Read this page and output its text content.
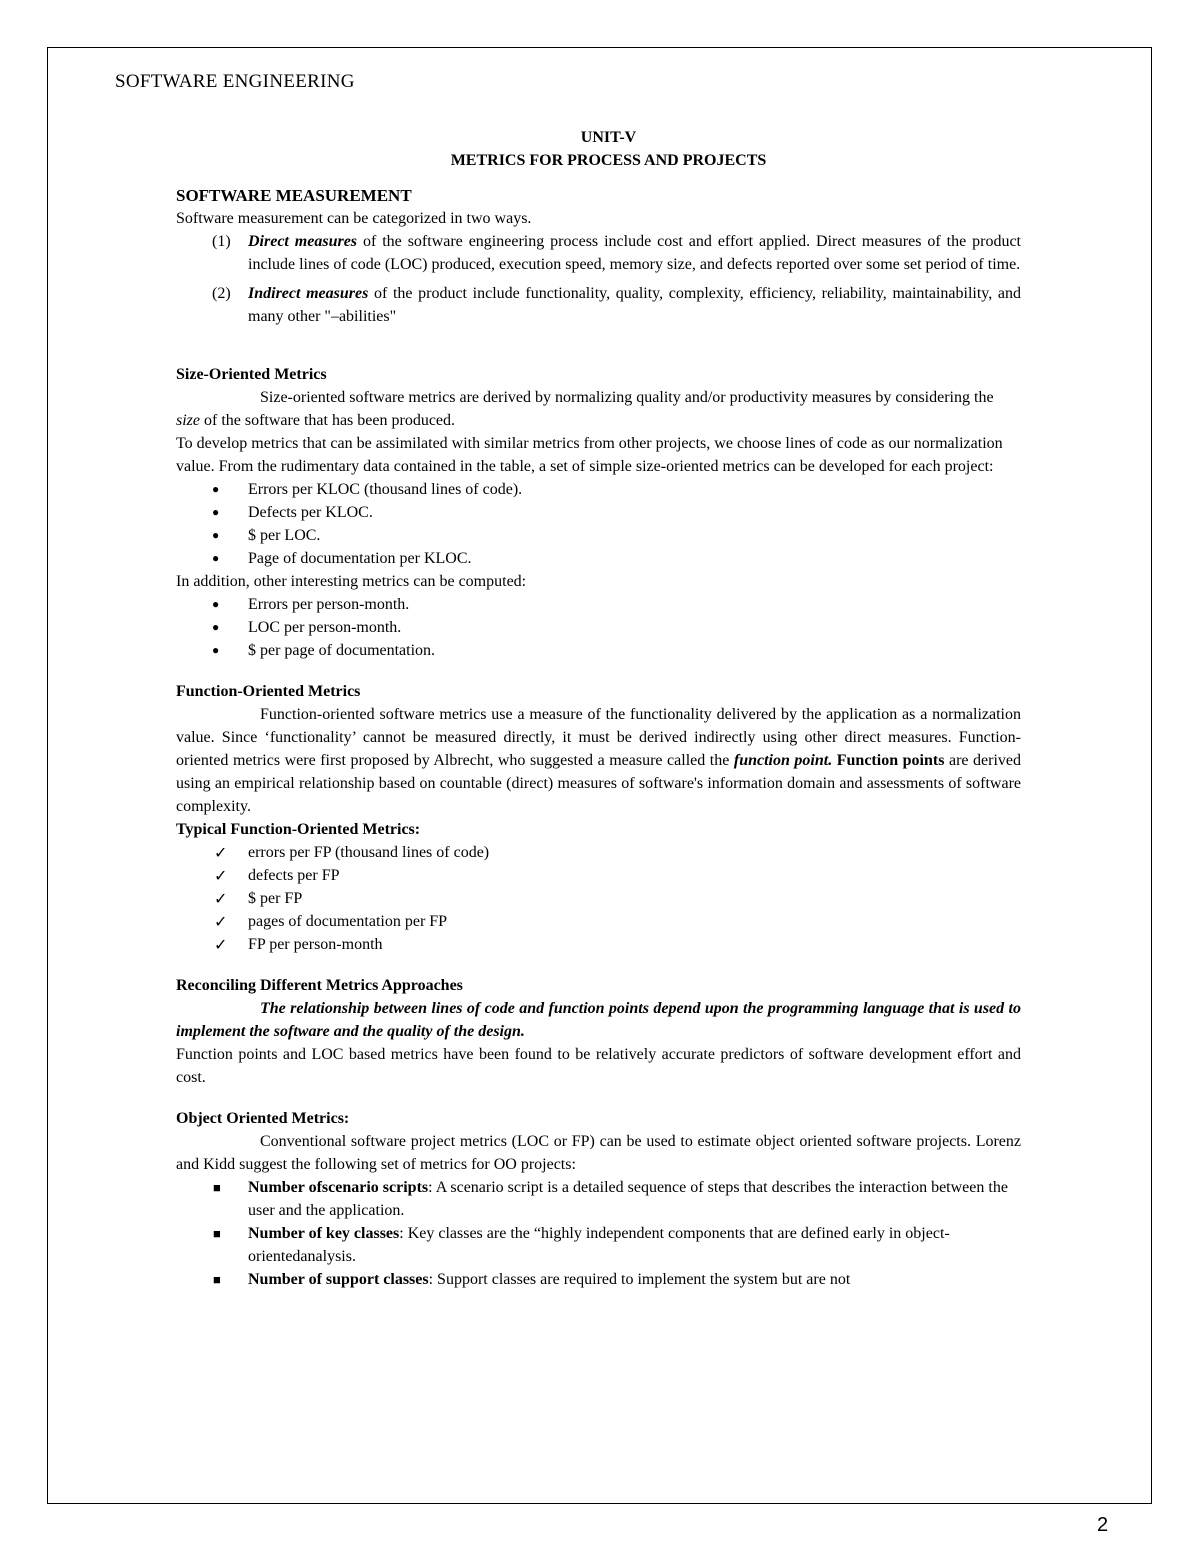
SOFTWARE ENGINEERING
UNIT-V
METRICS FOR PROCESS AND PROJECTS
SOFTWARE MEASUREMENT

Software measurement can be categorized in two ways.

(1) Direct measures of the software engineering process include cost and effort applied. Direct measures of the product include lines of code (LOC) produced, execution speed, memory size, and defects reported over some set period of time.
(2) Indirect measures of the product include functionality, quality, complexity, efficiency, reliability, maintainability, and many other "–abilities"
Size-Oriented Metrics

Size-oriented software metrics are derived by normalizing quality and/or productivity measures by considering the size of the software that has been produced.

To develop metrics that can be assimilated with similar metrics from other projects, we choose lines of code as our normalization value. From the rudimentary data contained in the table, a set of simple size-oriented metrics can be developed for each project:

● Errors per KLOC (thousand lines of code).
● Defects per KLOC.
● $ per LOC.
● Page of documentation per KLOC.

In addition, other interesting metrics can be computed:

● Errors per person-month.
● LOC per person-month.
● $ per page of documentation.
Function-Oriented Metrics

Function-oriented software metrics use a measure of the functionality delivered by the application as a normalization value. Since ‘functionality’ cannot be measured directly, it must be derived indirectly using other direct measures. Function-oriented metrics were first proposed by Albrecht, who suggested a measure called the function point. Function points are derived using an empirical relationship based on countable (direct) measures of software's information domain and assessments of software complexity.

Typical Function-Oriented Metrics:
✓ errors per FP (thousand lines of code)
✓ defects per FP
✓ $ per FP
✓ pages of documentation per FP
✓ FP per person-month
Reconciling Different Metrics Approaches

The relationship between lines of code and function points depend upon the programming language that is used to implement the software and the quality of the design.

Function points and LOC based metrics have been found to be relatively accurate predictors of software development effort and cost.

Object Oriented Metrics:

Conventional software project metrics (LOC or FP) can be used to estimate object oriented software projects. Lorenz and Kidd suggest the following set of metrics for OO projects:

■ Number ofscenario scripts: A scenario script is a detailed sequence of steps that describes the interaction between the user and the application.
■ Number of key classes: Key classes are the “highly independent components that are defined early in object-orientedanalysis.
■ Number of support classes: Support classes are required to implement the system but are not
2
